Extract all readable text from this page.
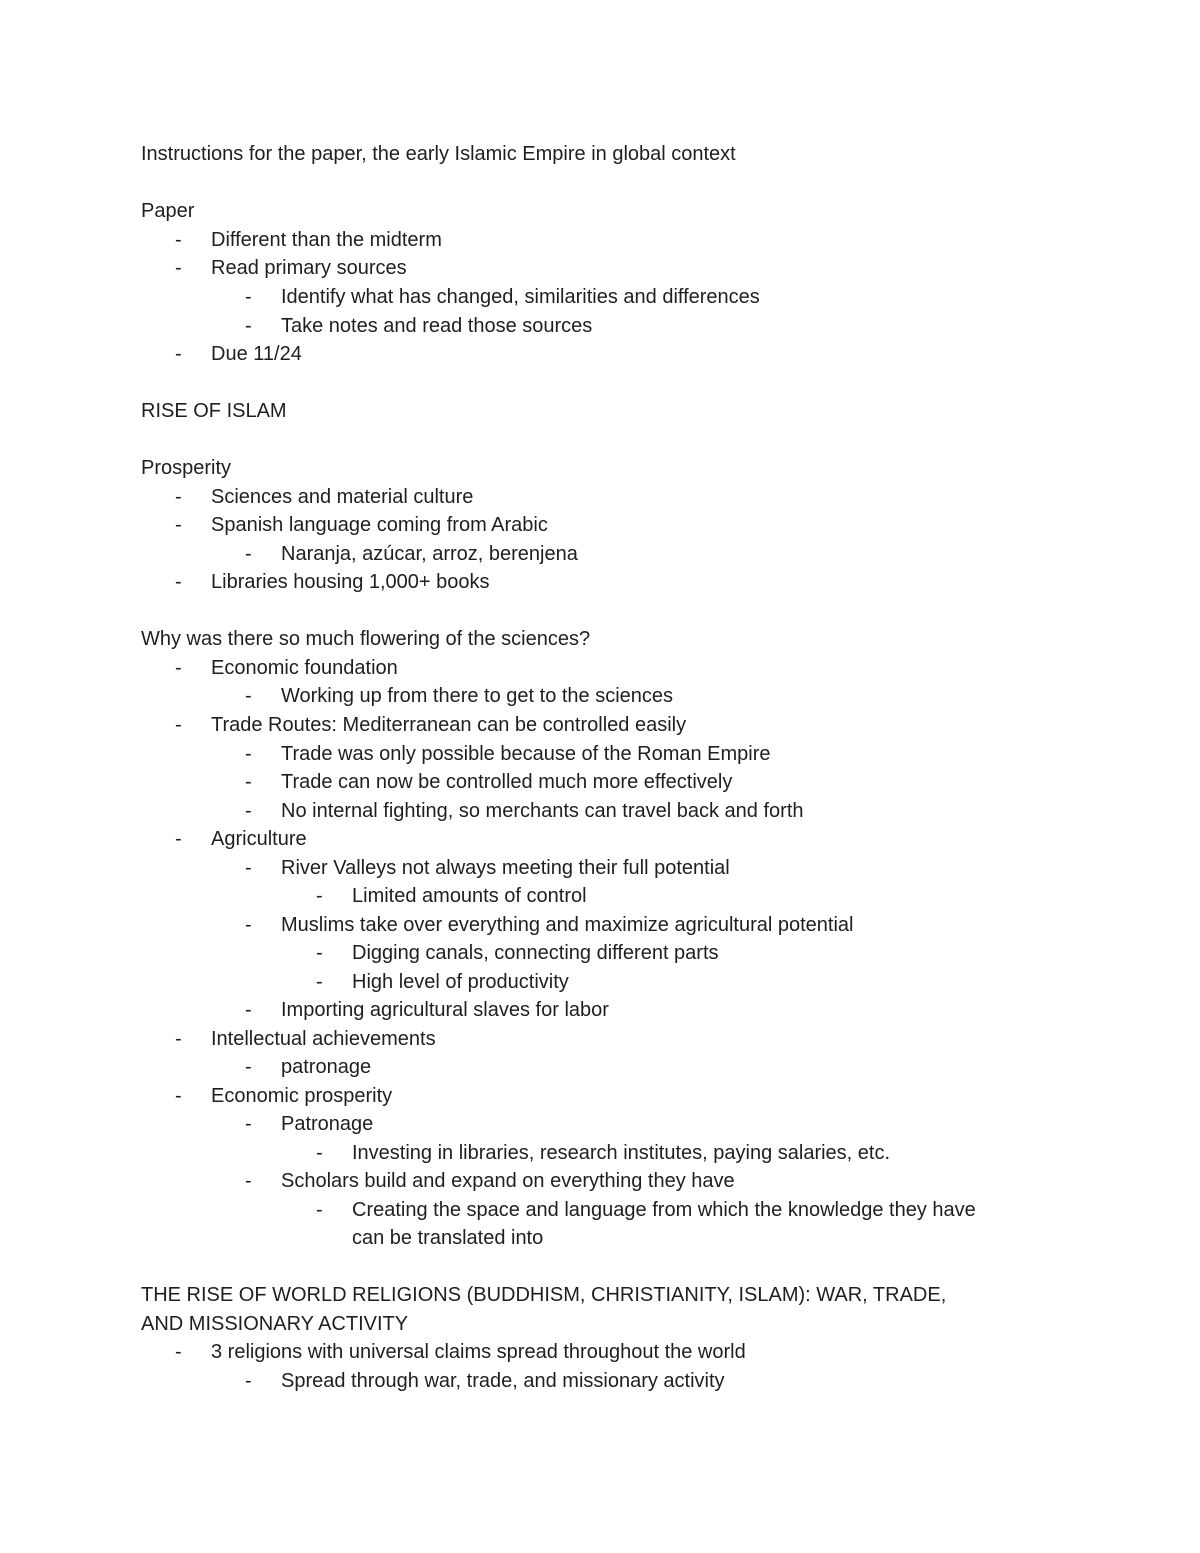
Instructions for the paper, the early Islamic Empire in global context
Paper
- Different than the midterm
- Read primary sources
- Identify what has changed, similarities and differences
- Take notes and read those sources
- Due 11/24
RISE OF ISLAM
Prosperity
- Sciences and material culture
- Spanish language coming from Arabic
- Naranja, azúcar, arroz, berenjena
- Libraries housing 1,000+ books
Why was there so much flowering of the sciences?
- Economic foundation
- Working up from there to get to the sciences
- Trade Routes: Mediterranean can be controlled easily
- Trade was only possible because of the Roman Empire
- Trade can now be controlled much more effectively
- No internal fighting, so merchants can travel back and forth
- Agriculture
- River Valleys not always meeting their full potential
- Limited amounts of control
- Muslims take over everything and maximize agricultural potential
- Digging canals, connecting different parts
- High level of productivity
- Importing agricultural slaves for labor
- Intellectual achievements
- patronage
- Economic prosperity
- Patronage
- Investing in libraries, research institutes, paying salaries, etc.
- Scholars build and expand on everything they have
- Creating the space and language from which the knowledge they have
can be translated into
THE RISE OF WORLD RELIGIONS (BUDDHISM, CHRISTIANITY, ISLAM): WAR, TRADE,
AND MISSIONARY ACTIVITY
- 3 religions with universal claims spread throughout the world
- Spread through war, trade, and missionary activity
